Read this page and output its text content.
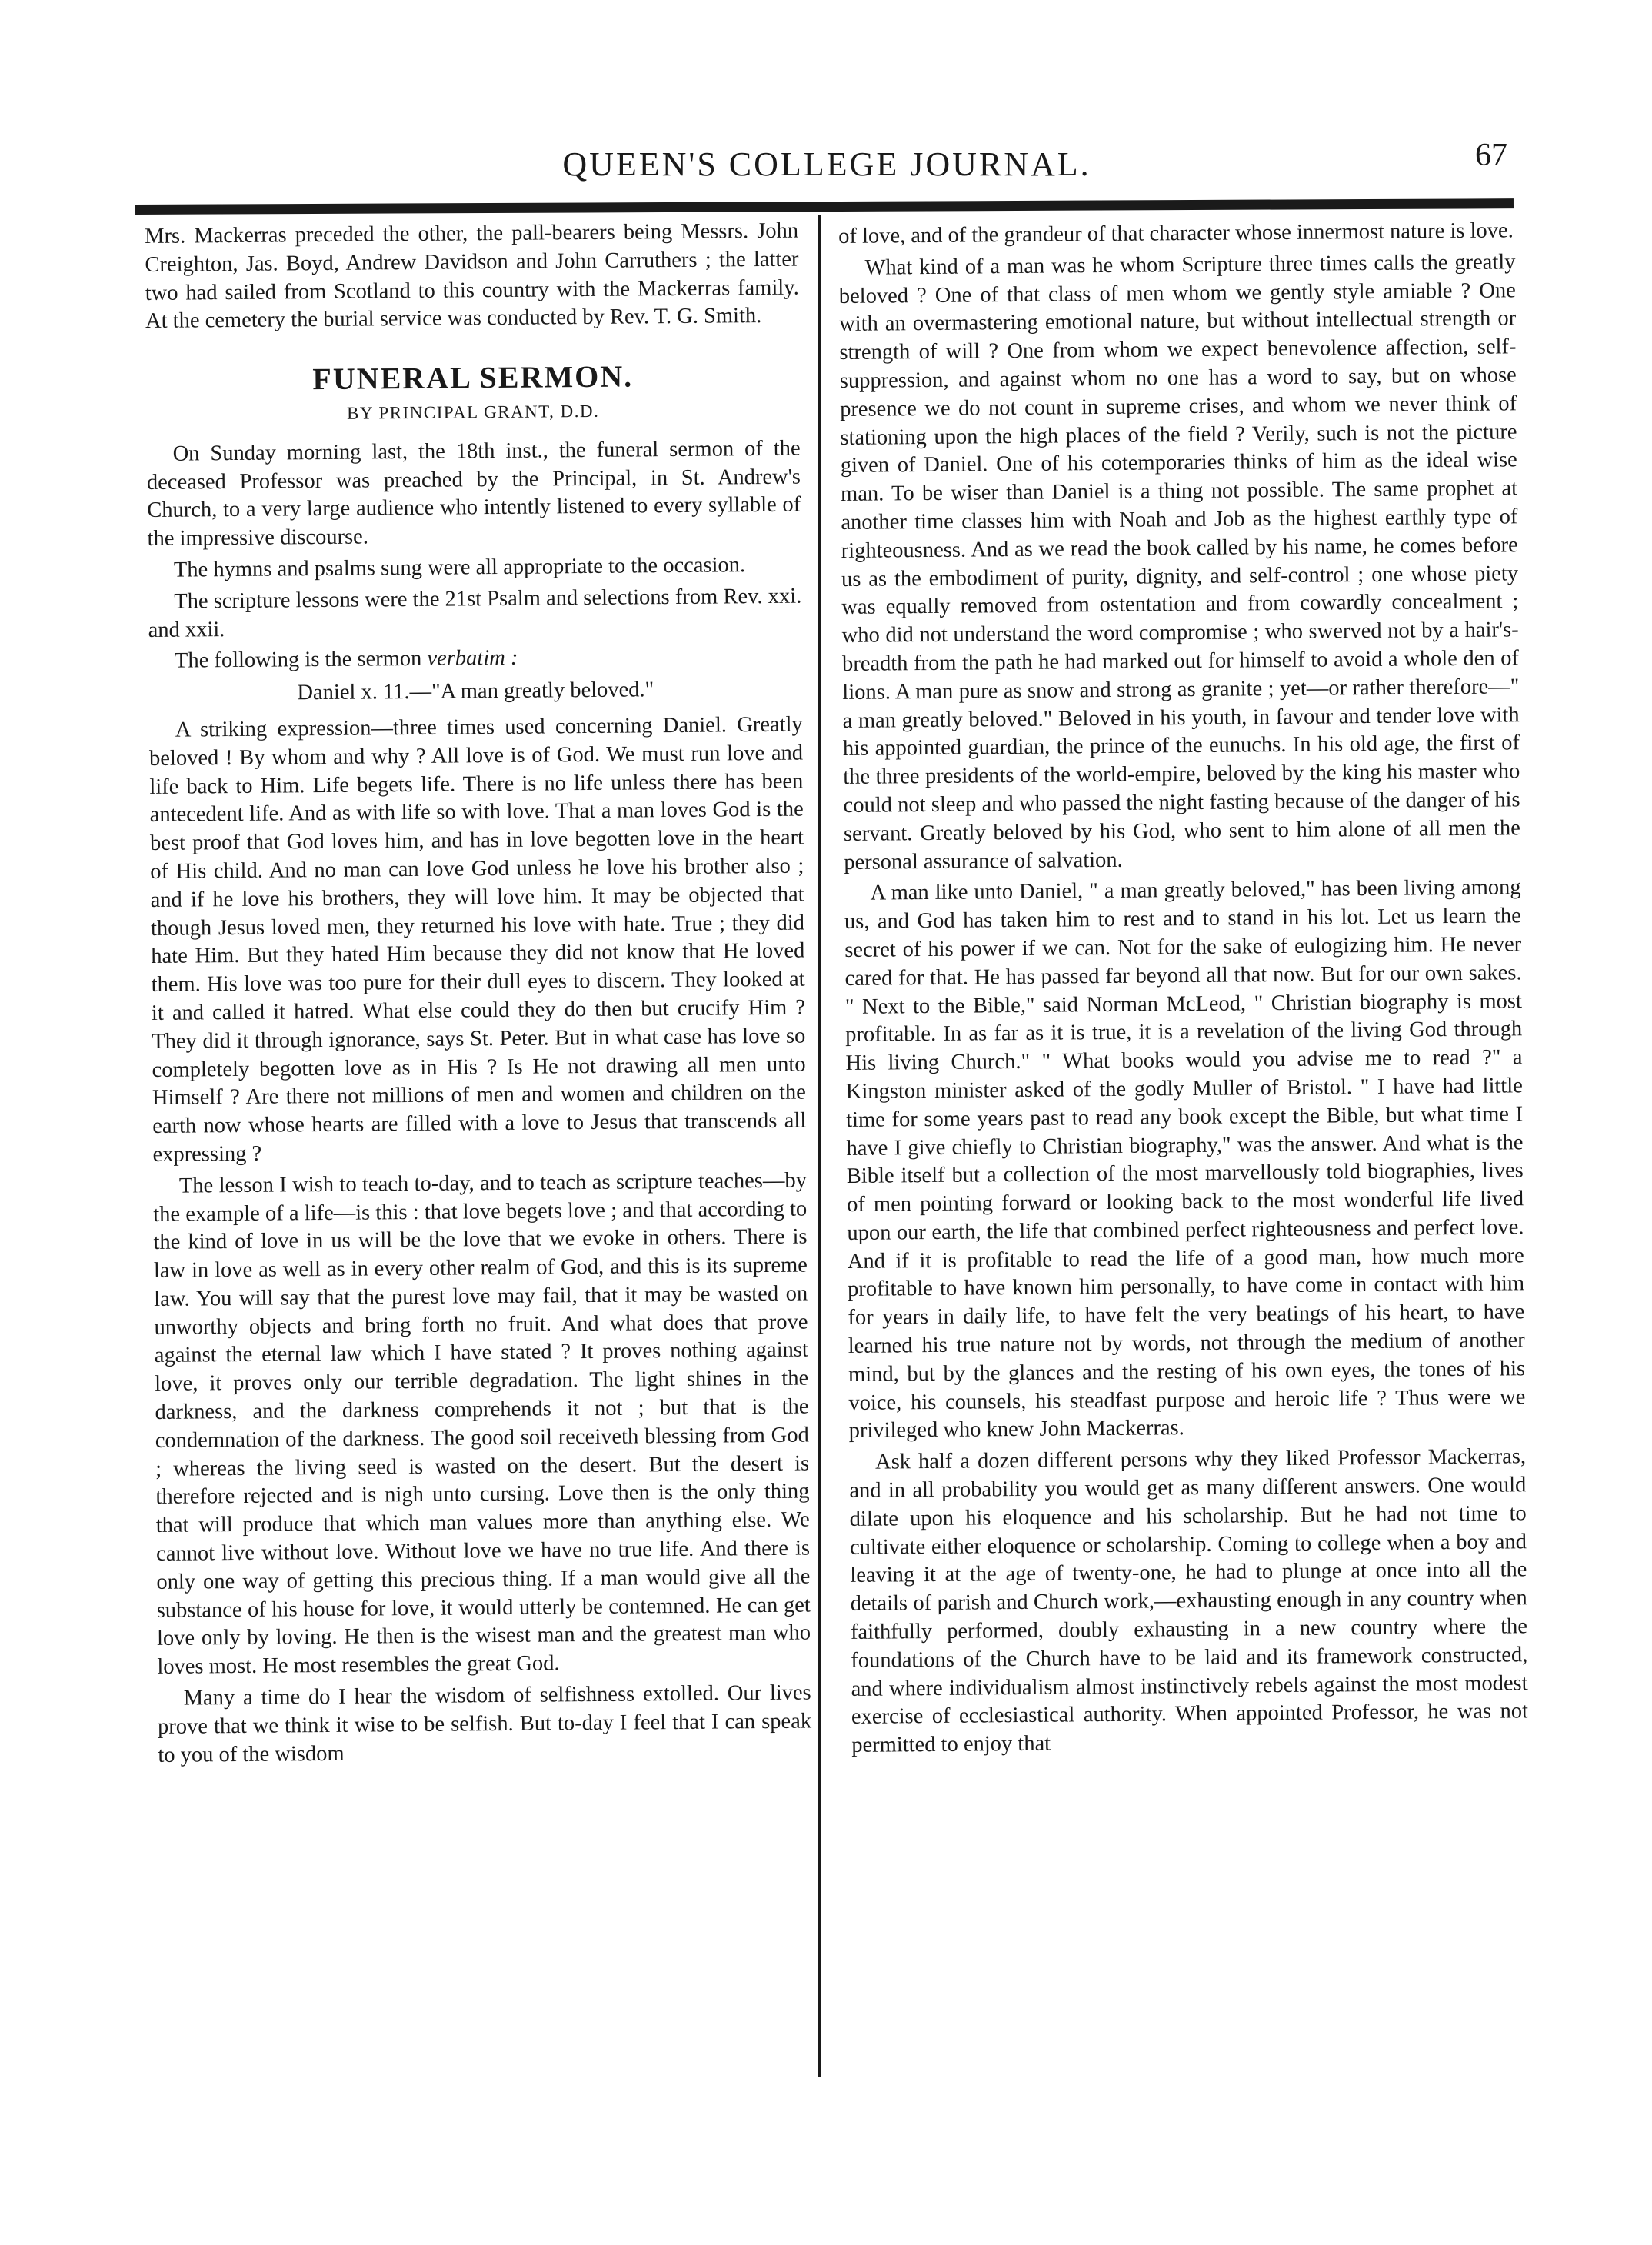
QUEEN'S COLLEGE JOURNAL.	67

Mrs. Mackerras preceded the other, the pall-bearers being Messrs. John Creighton, Jas. Boyd, Andrew Davidson and John Carruthers ; the latter two had sailed from Scotland to this country with the Mackerras family. At the cemetery the burial service was conducted by Rev. T. G. Smith.

FUNERAL SERMON.
BY PRINCIPAL GRANT, D.D.

On Sunday morning last, the 18th inst., the funeral sermon of the deceased Professor was preached by the Principal, in St. Andrew's Church, to a very large audience who intently listened to every syllable of the impressive discourse.

The hymns and psalms sung were all appropriate to the occasion.

The scripture lessons were the 21st Psalm and selections from Rev. xxi. and xxii.

The following is the sermon verbatim :

Daniel x. 11.—"A man greatly beloved."

A striking expression—three times used concerning Daniel. Greatly beloved ! By whom and why ? All love is of God. We must run love and life back to Him. Life begets life. There is no life unless there has been antecedent life. And as with life so with love. That a man loves God is the best proof that God loves him, and has in love begotten love in the heart of His child. And no man can love God unless he love his brother also ; and if he love his brothers, they will love him. It may be objected that though Jesus loved men, they returned his love with hate. True ; they did hate Him. But they hated Him because they did not know that He loved them. His love was too pure for their dull eyes to discern. They looked at it and called it hatred. What else could they do then but crucify Him ? They did it through ignorance, says St. Peter. But in what case has love so completely begotten love as in His ? Is He not drawing all men unto Himself ? Are there not millions of men and women and children on the earth now whose hearts are filled with a love to Jesus that transcends all expressing ?

The lesson I wish to teach to-day, and to teach as scripture teaches—by the example of a life—is this : that love begets love ; and that according to the kind of love in us will be the love that we evoke in others. There is law in love as well as in every other realm of God, and this is its supreme law. You will say that the purest love may fail, that it may be wasted on unworthy objects and bring forth no fruit. And what does that prove against the eternal law which I have stated ? It proves nothing against love, it proves only our terrible degradation. The light shines in the darkness, and the darkness comprehends it not ; but that is the condemnation of the darkness. The good soil receiveth blessing from God ; whereas the living seed is wasted on the desert. But the desert is therefore rejected and is nigh unto cursing. Love then is the only thing that will produce that which man values more than anything else. We cannot live without love. Without love we have no true life. And there is only one way of getting this precious thing. If a man would give all the substance of his house for love, it would utterly be contemned. He can get love only by loving. He then is the wisest man and the greatest man who loves most. He most resembles the great God.

Many a time do I hear the wisdom of selfishness extolled. Our lives prove that we think it wise to be selfish. But to-day I feel that I can speak to you of the wisdom

of love, and of the grandeur of that character whose innermost nature is love.

What kind of a man was he whom Scripture three times calls the greatly beloved ? One of that class of men whom we gently style amiable ? One with an overmastering emotional nature, but without intellectual strength or strength of will ? One from whom we expect benevolence affection, self-suppression, and against whom no one has a word to say, but on whose presence we do not count in supreme crises, and whom we never think of stationing upon the high places of the field ? Verily, such is not the picture given of Daniel. One of his cotemporaries thinks of him as the ideal wise man. To be wiser than Daniel is a thing not possible. The same prophet at another time classes him with Noah and Job as the highest earthly type of righteousness. And as we read the book called by his name, he comes before us as the embodiment of purity, dignity, and self-control ; one whose piety was equally removed from ostentation and from cowardly concealment ; who did not understand the word compromise ; who swerved not by a hair's-breadth from the path he had marked out for himself to avoid a whole den of lions. A man pure as snow and strong as granite ; yet—or rather therefore—" a man greatly beloved." Beloved in his youth, in favour and tender love with his appointed guardian, the prince of the eunuchs. In his old age, the first of the three presidents of the world-empire, beloved by the king his master who could not sleep and who passed the night fasting because of the danger of his servant. Greatly beloved by his God, who sent to him alone of all men the personal assurance of salvation.

A man like unto Daniel, " a man greatly beloved," has been living among us, and God has taken him to rest and to stand in his lot. Let us learn the secret of his power if we can. Not for the sake of eulogizing him. He never cared for that. He has passed far beyond all that now. But for our own sakes. " Next to the Bible," said Norman McLeod, " Christian biography is most profitable. In as far as it is true, it is a revelation of the living God through His living Church." " What books would you advise me to read ?" a Kingston minister asked of the godly Muller of Bristol. " I have had little time for some years past to read any book except the Bible, but what time I have I give chiefly to Christian biography," was the answer. And what is the Bible itself but a collection of the most marvellously told biographies, lives of men pointing forward or looking back to the most wonderful life lived upon our earth, the life that combined perfect righteousness and perfect love. And if it is profitable to read the life of a good man, how much more profitable to have known him personally, to have come in contact with him for years in daily life, to have felt the very beatings of his heart, to have learned his true nature not by words, not through the medium of another mind, but by the glances and the resting of his own eyes, the tones of his voice, his counsels, his steadfast purpose and heroic life ? Thus were we privileged who knew John Mackerras.

Ask half a dozen different persons why they liked Professor Mackerras, and in all probability you would get as many different answers. One would dilate upon his eloquence and his scholarship. But he had not time to cultivate either eloquence or scholarship. Coming to college when a boy and leaving it at the age of twenty-one, he had to plunge at once into all the details of parish and Church work,—exhausting enough in any country when faithfully performed, doubly exhausting in a new country where the foundations of the Church have to be laid and its framework constructed, and where individualism almost instinctively rebels against the most modest exercise of ecclesiastical authority. When appointed Professor, he was not permitted to enjoy that
